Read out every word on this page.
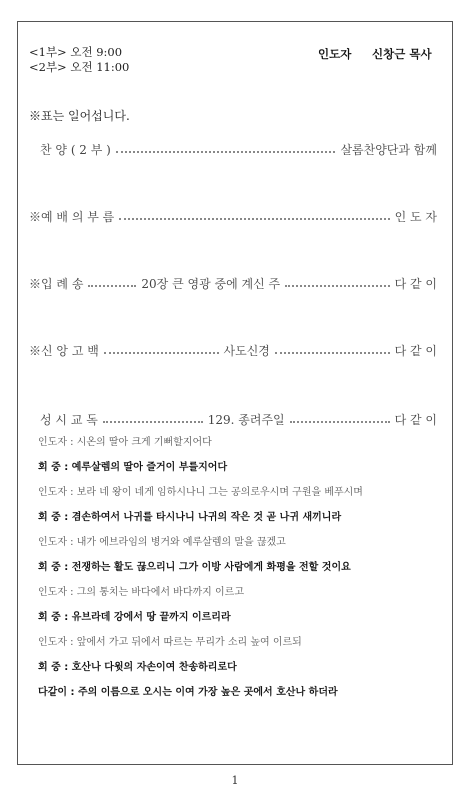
<1부> 오전 9:00
<2부> 오전 11:00
인도자 신창근 목사
※표는 일어섭니다.
찬 양 ( 2 부 )	살롬찬양단과 함께
※예 배 의 부 름	인 도 자
※입 례 송	20장 큰 영광 중에 계신 주	다 같 이
※신 앙 고 백	사도신경	다 같 이
성 시 교 독	129. 종려주일	다 같 이
인도자 : 시온의 딸아 크게 기뻐할지어다
회 중 : 예루살렘의 딸아 즐거이 부를지어다
인도자 : 보라 네 왕이 네게 임하시나니 그는 공의로우시며 구원을 베푸시며
회 중 : 겸손하여서 나귀를 타시나니 나귀의 작은 것 곧 나귀 새끼니라
인도자 : 내가 에브라임의 병거와 예루살렘의 말을 끊겠고
회 중 : 전쟁하는 활도 끊으리니 그가 이방 사람에게 화평을 전할 것이요
인도자 : 그의 통치는 바다에서 바다까지 이르고
회 중 : 유브라데 강에서 땅 끝까지 이르리라
인도자 : 앞에서 가고 뒤에서 따르는 무리가 소리 높여 이르되
회 중 : 호산나 다윗의 자손이여 찬송하리로다
다같이 : 주의 이름으로 오시는 이여 가장 높은 곳에서 호산나 하더라
1
